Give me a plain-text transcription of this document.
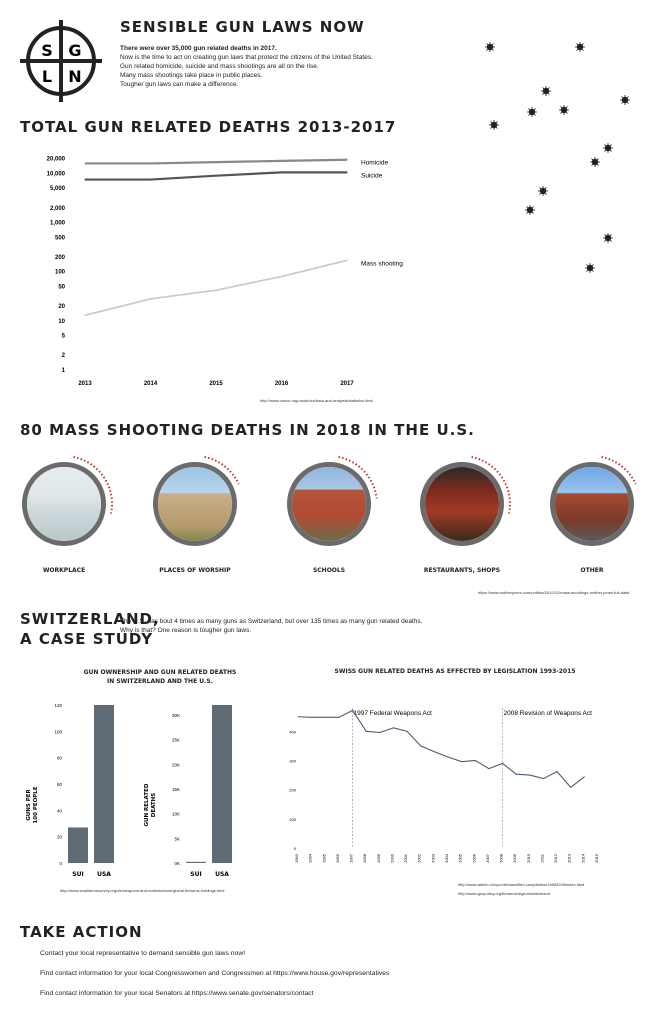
S G
L N
SENSIBLE GUN LAWS NOW
There were over 35,000 gun related deaths in 2017.
Now is the time to act on creating gun laws that protect the citizens of the United States.
Gun related homicide, suicide and mass shootings are all on the rise.
Many mass shootings take place in public places.
Tougher gun laws can make a difference.
TOTAL GUN RELATED DEATHS 2013-2017
1
2
5
10
20
50
100
200
500
1,000
2,000
5,000
10,000
20,000
2013	2014	2015	2016	2017
Homicide
Suicide
Mass shooting
http://www.unodc.org/unodc/en/data-and-analysis/statistics.html
80 MASS SHOOTING DEATHS IN 2018 IN THE U.S.
WORKPLACE	PLACES OF WORSHIP	SCHOOLS	RESTAURANTS, SHOPS	OTHER
https://www.motherjones.com/politics/2012/12/mass-shootings-mother-jones-full-data/
SWITZERLAND,
A CASE STUDY
The U.S. has bout 4 times as many guns as Switzerland, but over 135 times as many gun related deaths.
Why is that? One reason is tougher gun laws.
GUN OWNERSHIP AND GUN RELATED DEATHS
IN SWITZERLAND AND THE U.S.
0
20
40
60
80
100
120
SUI USA
GUNS PER100 PEOPLE
0K
5K
10K
15K
20K
25K
30K
SUI USA
GUN RELATEDDEATHS
http://www.smallarmssurvey.org/de/weapons-and-markets/tools/global-firearms-holdings.html
SWISS GUN RELATED DEATHS AS EFFECTED BY LEGISLATION 1993-2015
0
100
200
300
400
1993 1994 1995 1996 1997 1998 1999 2000 2001 2002 2003 2004 2005 2006 2007 2008 2009 2010 2011 2012 2013 2014 2015
1997 Federal Weapons Act	2008 Revision of Weapons Act
http://www.admin.ch/opc/de/classified-compilation/19983208/index.html
http://www.gunpolicy.org/firearms/region/switzerland
TAKE ACTION
Contact your local representative to demand sensible gun laws now!
Find contact information for your local Congresswomen and Congressmen at https://www.house.gov/representatives
Find contact information for your local Senators at https://www.senate.gov/senators/contact
